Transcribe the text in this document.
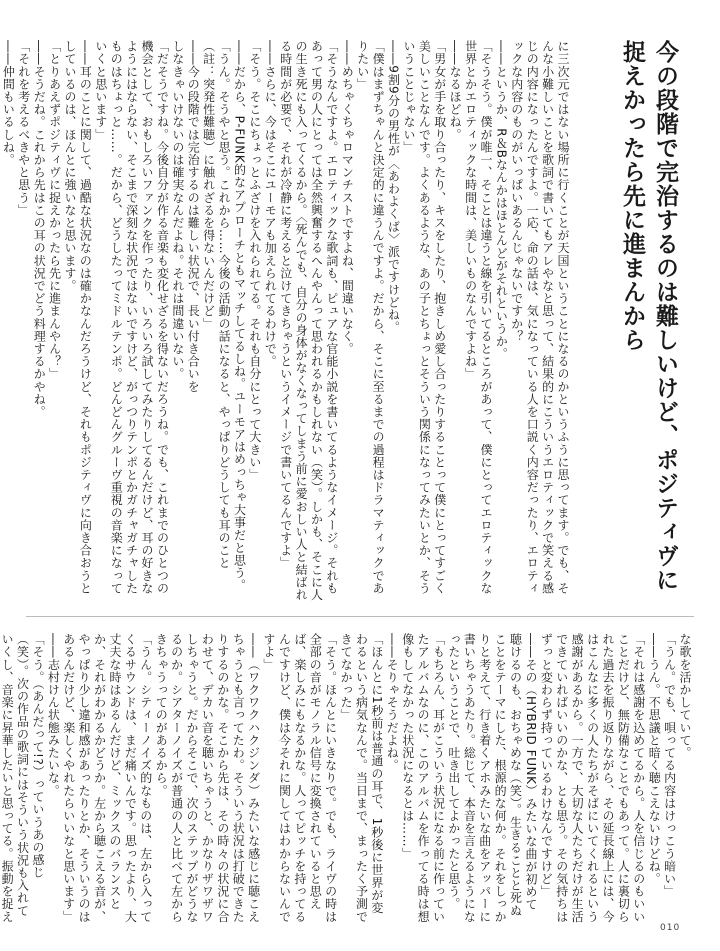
今の段階で完治するのは難しいけど、ポジティヴに捉えかったら先に進まんから

に三次元ではない場所に行くことが天国ということになるのかというふうに思ってます。でも、そんな小難しいことを歌詞で書いてもアレやなと思って、結果的にこういうエロティックで笑える感じの内容になったんですよ。一応、命の話は、気になっている人を口説く内容だったり、エロティックな内容のものがいっぱいあるんじゃないですか？

――というか、R＆Bなんかはほとんどがそれというか。

「そうそう。僕が唯一、そことは違うと線を引いてるところがあって、僕にとってエロティックな世界とかエロティックな時間は、美しいものなんですよね」

――なるほどね。

「男女が手を取り合ったり、キスをしたり、抱きしめ愛し合ったりすることって僕にとってすごく美しいことなんです。よくあるような、あの子とちょっとそういう関係になってみたいとか、そういうことじゃない」

――9割9分の男性が〈あわよくば〉派ですけどね。

「僕はまずちゃんと決定的に違うんですよ。だから、そこに至るまでの過程はドラマティックでありたい」

――めちゃくちゃロマンチストですよね、間違いなく。

「そうなんですよ。エロティックな歌詞も、ピュアな官能小説を書いてるようなイメージ。それもあって男の人にとっては全然興奮するへんやんって思われるかもしれない（笑）。しかも、そこに人の生き死にも入ってくるから。〈死んでも、自分の身体がなくなってしまう前に愛おしい人と結ばれる時間が必要で、それが冷静に考えると泣けてきちゃうというイメージで書いてるんですよ」

――さらに、今はそこにユーモアも加えられてるわけで。

「そう。そこにちょっとふざけを入れられてる。それも自分にとって大きい」

――だから、P‐FUNK的なアプローチともマッチしてるしね。ユーモアはめっちゃ大事だと思う。

「うん。そうやと思う。これから……今後の活動の話になると、やっぱりどうしても耳のこと（註：突発性難聴）に触れざるを得ないんだけど」

――今の段階では完治するのは難しい状況で、長い付き合いを

しなきゃいけないのは確実なんだよね。それは間違いない。

「だそうですね。今後自分が作る音楽も変化せざるを得ないだろうね。でも、これまでのひとつの機会として、おもしろいファンクを作ったり、いろいろ試してみたりしてるんだけど、耳の好きなようにはならない、そこまで深刻な状況ではないですけど、がっつりテンポとかガチャガチャしたものはちょっと……。だから、どうしたってミドルテンポ。どんどんグルーヴ重視の音楽になっていくと思います」

――耳のことに関して、過酷な状況なのは確かなんだろうけど、それもポジティヴに向き合おうとしているのは、ほんとに強いなと思います。

「とりあえずポジティヴに捉えかったら先に進まんやん？」

――そうだね。これから先はこの耳の状況でどう料理するかやね。

「それを考えるべきやと思う」

――仲間もいるしね。

な歌を活かしていて。

「うん。でも、唄ってる内容はけっこう暗い」

――うん。不思議と暗く聴こえないけどね。

「それは感謝を込めてるから。人を信じるのもいいことだけど、無防備なことでもあって。人に裏切られた過去を振り返りながら、その延長線上には、今はこんなに多くの人たちがそばにいてくれるという感謝があるから。一方で、大切な人たちだけが生活できていればいいのかな、とも思う。その気持ちはずっと変わらず持っているわけなんですけど」

――その（HYBRID FUNK）みたいな曲が初めて聴けるのも、おちゃめな（笑）。生きることと死ぬことをテーマにした、根源的な何か。それをしっかりと考えて、行き着くアホみたいな曲をアッパーに書いちゃうあたり。総じて、本音を言えるようになったということで、吐き出してよかったと思う。

「もちろん、耳がこういう状況になる前に作っていたアルバムなのに、このアルバムを作ってる時は想像もしてなかった状況になるとは……」

――そりゃそうだよね。

「ほんとに1秒前は普通の耳で、1秒後に世界が変わるという病気なんで。当日まで、まったく予測できてなかった」

「そう。ほんとにいきなりで。でも、ライヴの時は全部の音がモノラル信号に変換されていると思えば、楽しみにもなるかな。人ってピッチを持ってるんですけど、僕は今それに関してはわからないんですよ」

――（ワクワクハクジンダ）みたいな感じに聴こえちゃうとも言ってたわ。そういう状況は打破できたりするのかな。そこから先は、その時々の状況に合わせて、デカい音を聴いちゃうと、かなりザワザワしちゃうと。だからそこで、次のステップがどうなるのか。シアターノイズが普通の人と比べて左からきちゃうってのがあるから。

「うん。シティーノイズ的なものは、左から入ってくるサウンドは、まだ痛いんです。思ったより、大丈夫な時はあるんだけど、ミックスのバランスとか、それがわかるかどうか。左から聴こえる音が、やっぱり少し違和感があったりとか、そういうのはあるんだけど、楽しくやれたらいいなと思います」

――志村けん状態みたいな。

「そう。（あんだって!?）っていうあの感じ（笑）。次の作品の歌詞にはそういう状況も入れていくし、音楽に昇華したいと思ってる。振動を捉え

010
